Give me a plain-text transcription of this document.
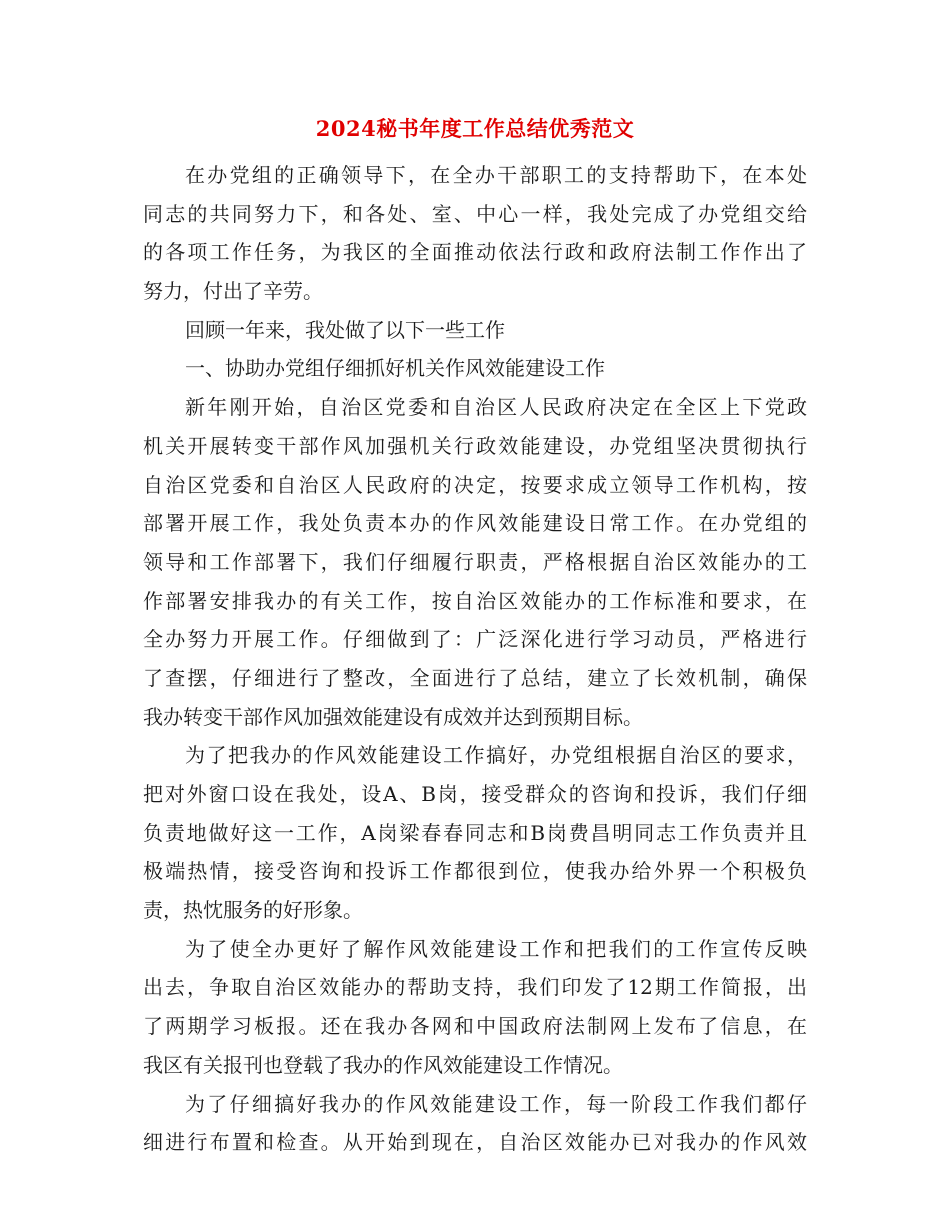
2024秘书年度工作总结优秀范文
在办党组的正确领导下，在全办干部职工的支持帮助下，在本处
同志的共同努力下，和各处、室、中心一样，我处完成了办党组交给
的各项工作任务，为我区的全面推动依法行政和政府法制工作作出了
努力，付出了辛劳。
回顾一年来，我处做了以下一些工作
一、协助办党组仔细抓好机关作风效能建设工作
新年刚开始，自治区党委和自治区人民政府决定在全区上下党政
机关开展转变干部作风加强机关行政效能建设，办党组坚决贯彻执行
自治区党委和自治区人民政府的决定，按要求成立领导工作机构，按
部署开展工作，我处负责本办的作风效能建设日常工作。在办党组的
领导和工作部署下，我们仔细履行职责，严格根据自治区效能办的工
作部署安排我办的有关工作，按自治区效能办的工作标准和要求，在
全办努力开展工作。仔细做到了：广泛深化进行学习动员，严格进行
了查摆，仔细进行了整改，全面进行了总结，建立了长效机制，确保
我办转变干部作风加强效能建设有成效并达到预期目标。
为了把我办的作风效能建设工作搞好，办党组根据自治区的要求，
把对外窗口设在我处，设A、B岗，接受群众的咨询和投诉，我们仔细
负责地做好这一工作，A岗梁春春同志和B岗费昌明同志工作负责并且
极端热情，接受咨询和投诉工作都很到位，使我办给外界一个积极负
责，热忱服务的好形象。
为了使全办更好了解作风效能建设工作和把我们的工作宣传反映
出去，争取自治区效能办的帮助支持，我们印发了12期工作简报，出
了两期学习板报。还在我办各网和中国政府法制网上发布了信息，在
我区有关报刊也登载了我办的作风效能建设工作情况。
为了仔细搞好我办的作风效能建设工作，每一阶段工作我们都仔
细进行布置和检查。从开始到现在，自治区效能办已对我办的作风效
